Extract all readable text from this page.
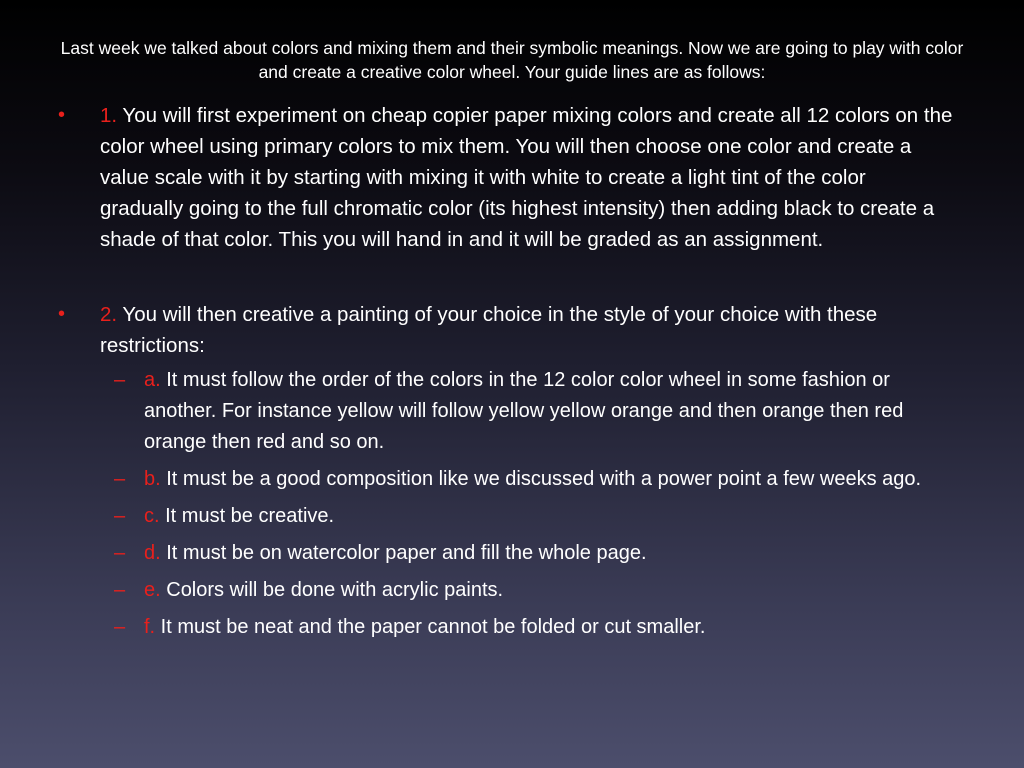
Last week we talked about colors and mixing them and their symbolic meanings. Now we are going to play with color and create a creative color wheel. Your guide lines are as follows:

• 1. You will first experiment on cheap copier paper mixing colors and create all 12 colors on the color wheel using primary colors to mix them. You will then choose one color and create a value scale with it by starting with mixing it with white to create a light tint of the color gradually going to the full chromatic color (its highest intensity) then adding black to create a shade of that color. This you will hand in and it will be graded as an assignment.
• 2. You will then creative a painting of your choice in the style of your choice with these restrictions:
– a. It must follow the order of the colors in the 12 color color wheel in some fashion or another. For instance yellow will follow yellow yellow orange and then orange then red orange then red and so on.
– b. It must be a good composition like we discussed with a power point a few weeks ago.
– c. It must be creative.
– d. It must be on watercolor paper and fill the whole page.
– e. Colors will be done with acrylic paints.
– f. It must be neat and the paper cannot be folded or cut smaller.
